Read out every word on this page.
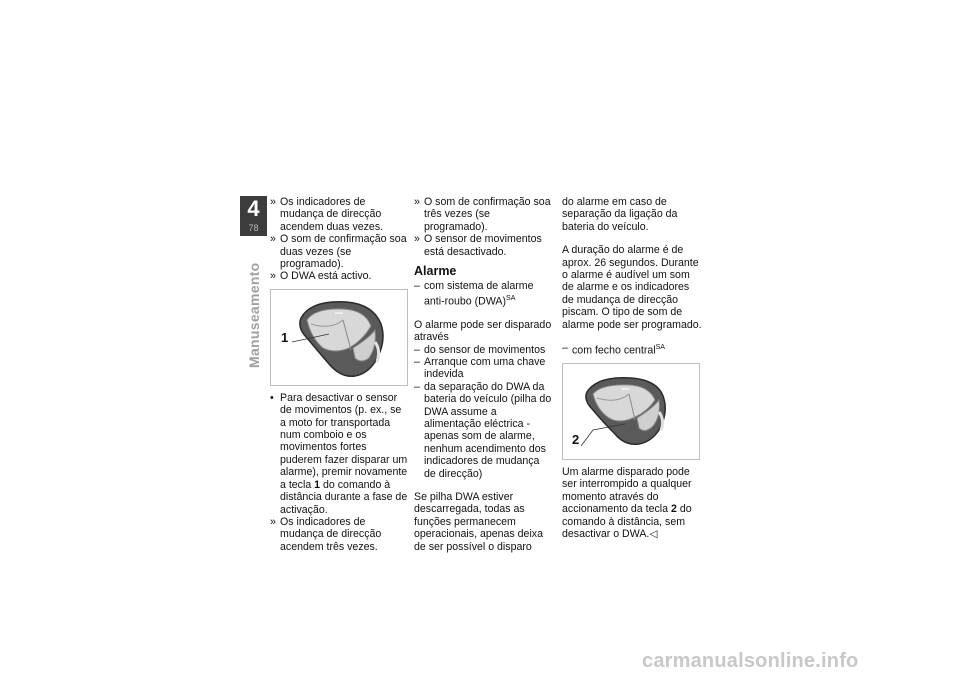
4
78
Manuseamento
» Os indicadores de mudança de direcção acendem duas vezes.
» O som de confirmação soa duas vezes (se programado).
» O DWA está activo.
1
• Para desactivar o sensor de movimentos (p. ex., se a moto for transportada num comboio e os movimentos fortes puderem fazer disparar um alarme), premir novamente a tecla 1 do comando à distância durante a fase de activação.
» Os indicadores de mudança de direcção acendem três vezes.
» O som de confirmação soa três vezes (se programado).
» O sensor de movimentos está desactivado.
Alarme
– com sistema de alarme anti-roubo (DWA)$^{SA}$

O alarme pode ser disparado através

– do sensor de movimentos
– Arranque com uma chave indevida
– da separação do DWA da bateria do veículo (pilha do DWA assume a alimentação eléctrica - apenas som de alarme, nenhum acendimento dos indicadores de mudança de direcção)

Se pilha DWA estiver descarregada, todas as funções permanecem operacionais, apenas deixa de ser possível o disparo

do alarme em caso de separação da ligação da bateria do veículo.

A duração do alarme é de aprox. 26 segundos. Durante o alarme é audível um som de alarme e os indicadores de mudança de direcção piscam. O tipo de som de alarme pode ser programado.

– com fecho central$^{SA}$
2

Um alarme disparado pode ser interrompido a qualquer momento através do accionamento da tecla 2 do comando à distância, sem desactivar o DWA.◁

carmanualsonline.info
